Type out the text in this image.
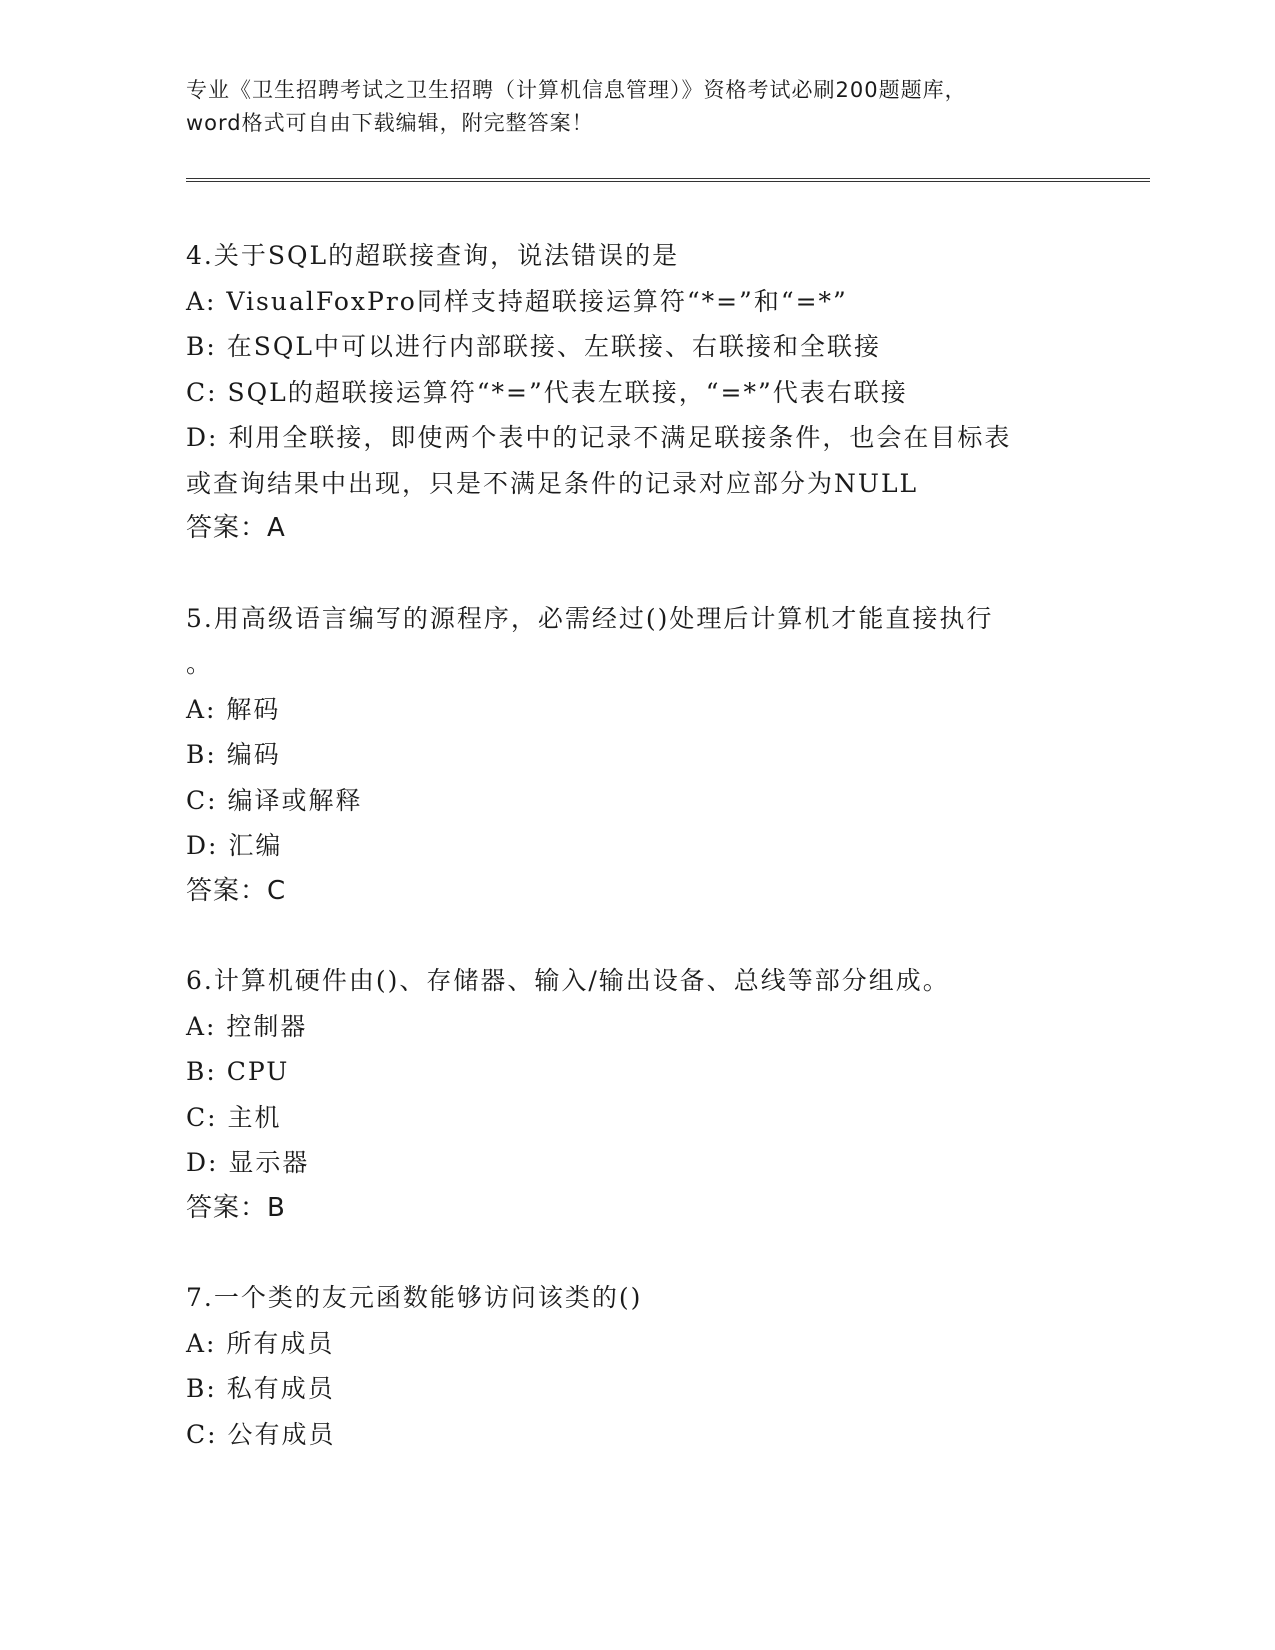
专业《卫生招聘考试之卫生招聘（计算机信息管理）》资格考试必刷200题题库，
word格式可自由下载编辑，附完整答案！
4.关于SQL的超联接查询，说法错误的是
A: VisualFoxPro同样支持超联接运算符“*=”和“=*”
B: 在SQL中可以进行内部联接、左联接、右联接和全联接
C: SQL的超联接运算符“*=”代表左联接，“=*”代表右联接
D: 利用全联接，即使两个表中的记录不满足联接条件，也会在目标表
或查询结果中出现，只是不满足条件的记录对应部分为NULL
答案：A
5.用高级语言编写的源程序，必需经过()处理后计算机才能直接执行
。
A: 解码
B: 编码
C: 编译或解释
D: 汇编
答案：C
6.计算机硬件由()、存储器、输入/输出设备、总线等部分组成。
A: 控制器
B: CPU
C: 主机
D: 显示器
答案：B
7.一个类的友元函数能够访问该类的()
A: 所有成员
B: 私有成员
C: 公有成员
